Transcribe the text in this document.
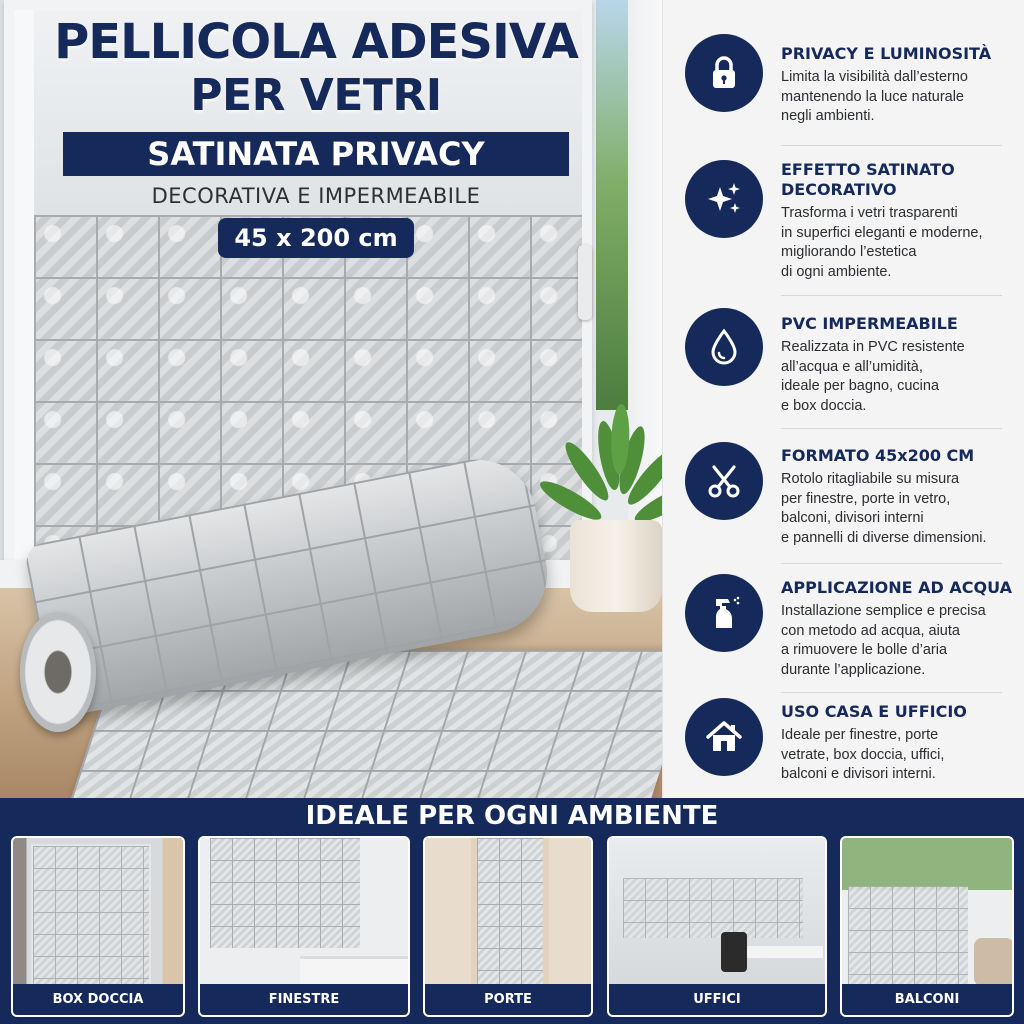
PELLICOLA ADESIVA
PER VETRI
SATINATA PRIVACY
DECORATIVA E IMPERMEABILE
45 x 200 cm
PRIVACY E LUMINOSITÀ
Limita la visibilità dall’esterno
mantenendo la luce naturale
negli ambienti.
EFFETTO SATINATO
DECORATIVO
Trasforma i vetri trasparenti
in superfici eleganti e moderne,
migliorando l’estetica
di ogni ambiente.
PVC IMPERMEABILE
Realizzata in PVC resistente
all’acqua e all’umidità,
ideale per bagno, cucina
e box doccia.
FORMATO 45x200 CM
Rotolo ritagliabile su misura
per finestre, porte in vetro,
balconi, divisori interni
e pannelli di diverse dimensioni.
APPLICAZIONE AD ACQUA
Installazione semplice e precisa
con metodo ad acqua, aiuta
a rimuovere le bolle d’aria
durante l’applicazione.
USO CASA E UFFICIO
Ideale per finestre, porte
vetrate, box doccia, uffici,
balconi e divisori interni.
IDEALE PER OGNI AMBIENTE
BOX DOCCIA	FINESTRE	PORTE	UFFICI	BALCONI
